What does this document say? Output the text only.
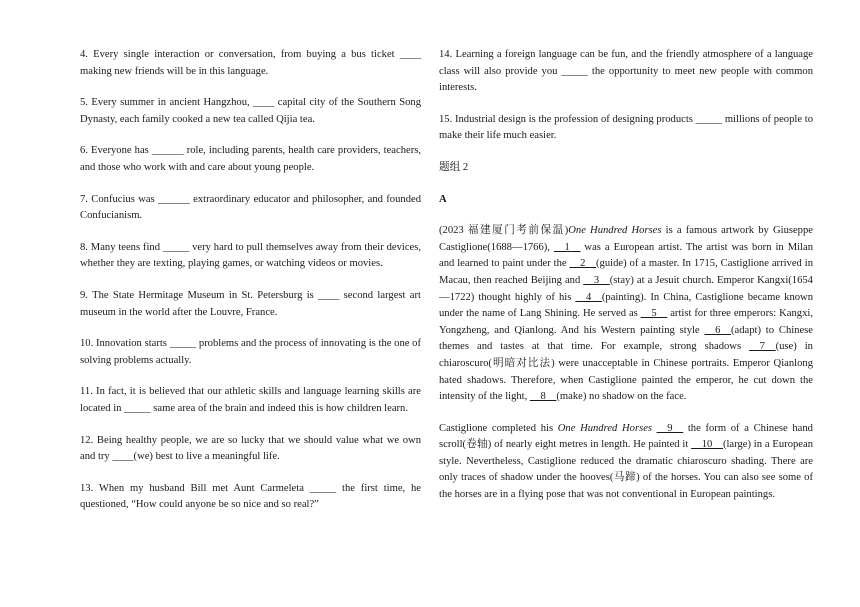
4. Every single interaction or conversation, from buying a bus ticket ____ making new friends will be in this language.

5. Every summer in ancient Hangzhou, ____ capital city of the Southern Song Dynasty, each family cooked a new tea called Qijia tea.

6. Everyone has ______ role, including parents, health care providers, teachers, and those who work with and care about young people.

7. Confucius was ______ extraordinary educator and philosopher, and founded Confucianism.

8. Many teens find _____ very hard to pull themselves away from their devices, whether they are texting, playing games, or watching videos or movies.

9. The State Hermitage Museum in St. Petersburg is ____ second largest art museum in the world after the Louvre, France.

10. Innovation starts _____ problems and the process of innovating is the one of solving problems actually.

11. In fact, it is believed that our athletic skills and language learning skills are located in _____ same area of the brain and indeed this is how children learn.

12. Being healthy people, we are so lucky that we should value what we own and try ____(we) best to live a meaningful life.

13. When my husband Bill met Aunt Carmeleta _____ the first time, he questioned, “How could anyone be so nice and so real?”

14. Learning a foreign language can be fun, and the friendly atmosphere of a language class will also provide you _____ the opportunity to meet new people with common interests.

15. Industrial design is the profession of designing products _____ millions of people to make their life much easier.

题组 2

A

(2023 福建厦门考前保温)One Hundred Horses is a famous artwork by Giuseppe Castiglione(1688—1766), __1__ was a European artist. The artist was born in Milan and learned to paint under the __2__(guide) of a master. In 1715, Castiglione arrived in Macau, then reached Beijing and __3__(stay) at a Jesuit church. Emperor Kangxi(1654—1722) thought highly of his __4__(painting). In China, Castiglione became known under the name of Lang Shining. He served as __5__ artist for three emperors: Kangxi, Yongzheng, and Qianlong. And his Western painting style __6__(adapt) to Chinese themes and tastes at that time. For example, strong shadows __7__(use) in chiaroscuro(明暗对比法) were unacceptable in Chinese portraits. Emperor Qianlong hated shadows. Therefore, when Castiglione painted the emperor, he cut down the intensity of the light, __8__(make) no shadow on the face.

Castiglione completed his One Hundred Horses __9__ the form of a Chinese hand scroll(卷轴) of nearly eight metres in length. He painted it __10__(large) in a European style. Nevertheless, Castiglione reduced the dramatic chiaroscuro shading. There are only traces of shadow under the hooves(马蹄) of the horses. You can also see some of the horses are in a flying pose that was not conventional in European paintings.
